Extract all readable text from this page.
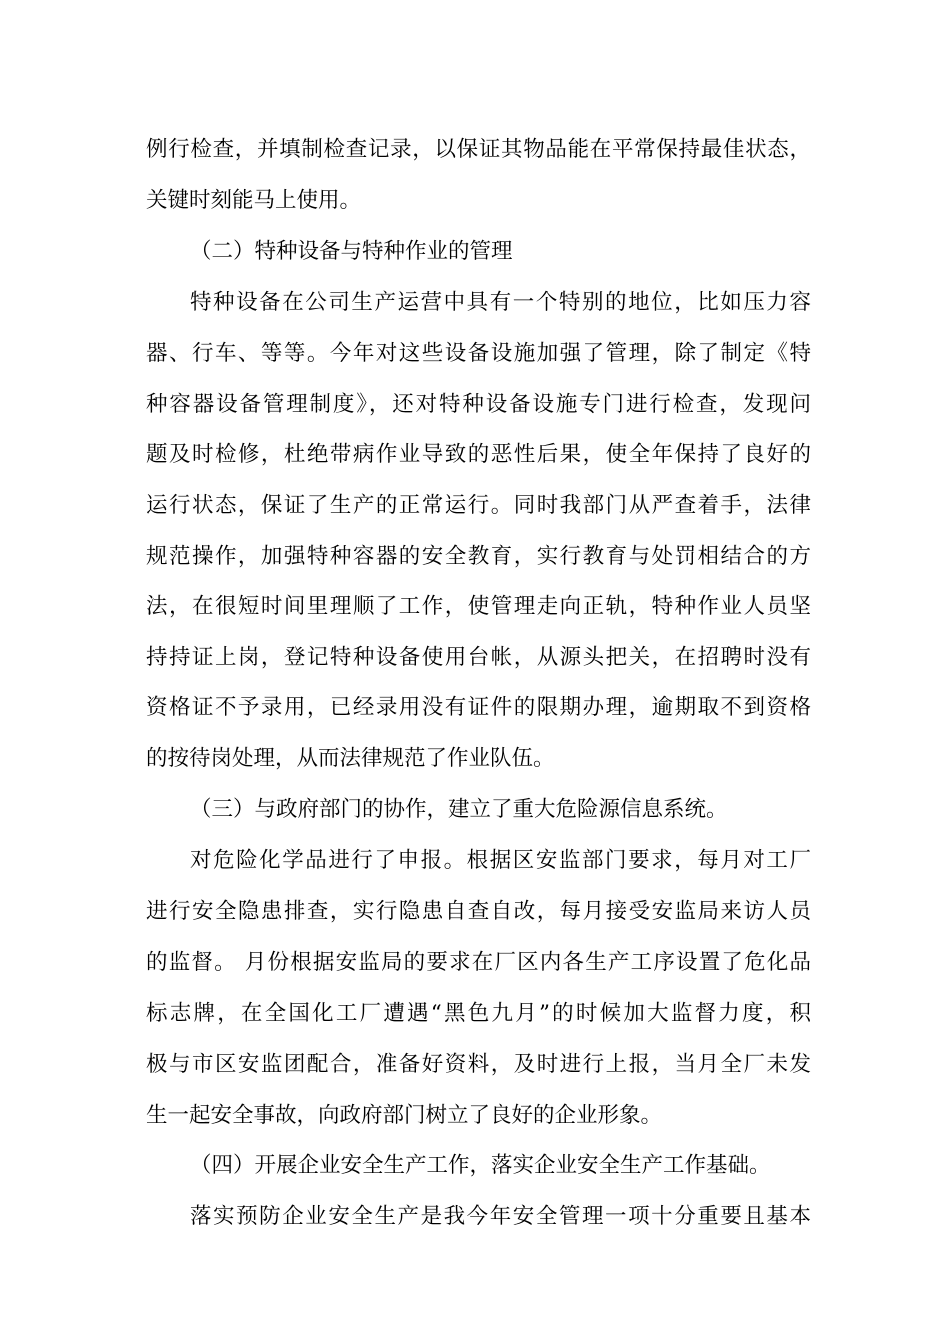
例行检查，并填制检查记录，以保证其物品能在平常保持最佳状态，
关键时刻能马上使用。
（二）特种设备与特种作业的管理
特种设备在公司生产运营中具有一个特别的地位，比如压力容
器、行车、等等。今年对这些设备设施加强了管理，除了制定《特
种容器设备管理制度》，还对特种设备设施专门进行检查，发现问
题及时检修，杜绝带病作业导致的恶性后果，使全年保持了良好的
运行状态，保证了生产的正常运行。同时我部门从严查着手，法律
规范操作，加强特种容器的安全教育，实行教育与处罚相结合的方
法，在很短时间里理顺了工作，使管理走向正轨，特种作业人员坚
持持证上岗，登记特种设备使用台帐，从源头把关，在招聘时没有
资格证不予录用，已经录用没有证件的限期办理，逾期取不到资格
的按待岗处理，从而法律规范了作业队伍。
（三）与政府部门的协作，建立了重大危险源信息系统。
对危险化学品进行了申报。根据区安监部门要求，每月对工厂
进行安全隐患排查，实行隐患自查自改，每月接受安监局来访人员
的监督。 月份根据安监局的要求在厂区内各生产工序设置了危化品
标志牌，在全国化工厂遭遇“黑色九月”的时候加大监督力度，积
极与市区安监团配合，准备好资料，及时进行上报，当月全厂未发
生一起安全事故，向政府部门树立了良好的企业形象。
（四）开展企业安全生产工作，落实企业安全生产工作基础。
落实预防企业安全生产是我今年安全管理一项十分重要且基本
